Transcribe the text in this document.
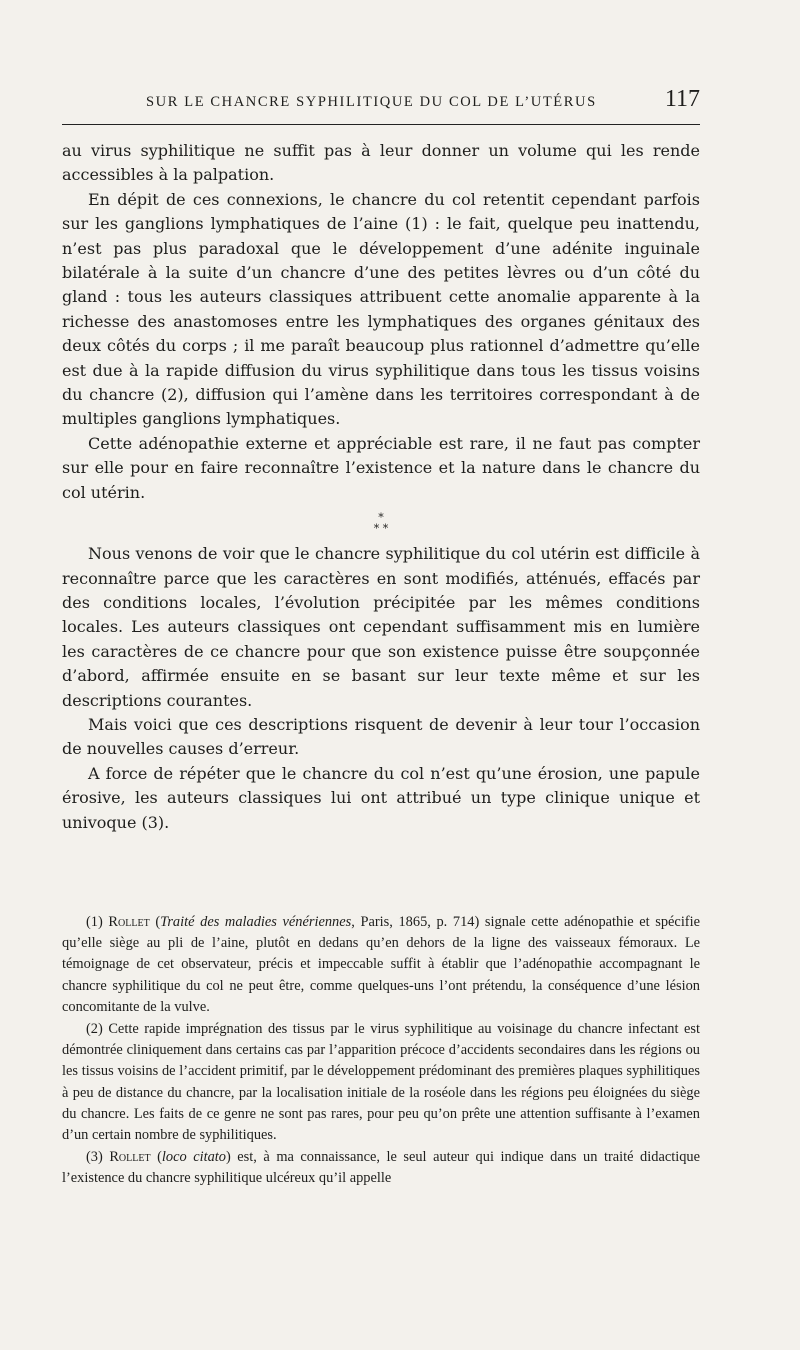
SUR LE CHANCRE SYPHILITIQUE DU COL DE L’UTÉRUS	117

au virus syphilitique ne suffit pas à leur donner un volume qui les rende accessibles à la palpation.

En dépit de ces connexions, le chancre du col retentit cependant parfois sur les ganglions lymphatiques de l’aine (1) : le fait, quelque peu inattendu, n’est pas plus paradoxal que le développement d’une adénite inguinale bilatérale à la suite d’un chancre d’une des petites lèvres ou d’un côté du gland : tous les auteurs classiques attribuent cette anomalie apparente à la richesse des anastomoses entre les lymphatiques des organes génitaux des deux côtés du corps ; il me paraît beaucoup plus rationnel d’admettre qu’elle est due à la rapide diffusion du virus syphilitique dans tous les tissus voisins du chancre (2), diffusion qui l’amène dans les territoires correspondant à de multiples ganglions lymphatiques.

Cette adénopathie externe et appréciable est rare, il ne faut pas compter sur elle pour en faire reconnaître l’existence et la nature dans le chancre du col utérin.

*
* *

Nous venons de voir que le chancre syphilitique du col utérin est difficile à reconnaître parce que les caractères en sont modifiés, atténués, effacés par des conditions locales, l’évolution précipitée par les mêmes conditions locales. Les auteurs classiques ont cependant suffisamment mis en lumière les caractères de ce chancre pour que son existence puisse être soupçonnée d’abord, affirmée ensuite en se basant sur leur texte même et sur les descriptions courantes.

Mais voici que ces descriptions risquent de devenir à leur tour l’occasion de nouvelles causes d’erreur.

A force de répéter que le chancre du col n’est qu’une érosion, une papule érosive, les auteurs classiques lui ont attribué un type clinique unique et univoque (3).

(1) Rollet (Traité des maladies vénériennes, Paris, 1865, p. 714) signale cette adénopathie et spécifie qu’elle siège au pli de l’aine, plutôt en dedans qu’en dehors de la ligne des vaisseaux fémoraux. Le témoignage de cet observateur, précis et impeccable suffit à établir que l’adénopathie accompagnant le chancre syphilitique du col ne peut être, comme quelques-uns l’ont prétendu, la conséquence d’une lésion concomitante de la vulve.

(2) Cette rapide imprégnation des tissus par le virus syphilitique au voisinage du chancre infectant est démontrée cliniquement dans certains cas par l’apparition précoce d’accidents secondaires dans les régions ou les tissus voisins de l’accident primitif, par le développement prédominant des premières plaques syphilitiques à peu de distance du chancre, par la localisation initiale de la roséole dans les régions peu éloignées du siège du chancre. Les faits de ce genre ne sont pas rares, pour peu qu’on prête une attention suffisante à l’examen d’un certain nombre de syphilitiques.

(3) Rollet (loco citato) est, à ma connaissance, le seul auteur qui indique dans un traité didactique l’existence du chancre syphilitique ulcéreux qu’il appelle
